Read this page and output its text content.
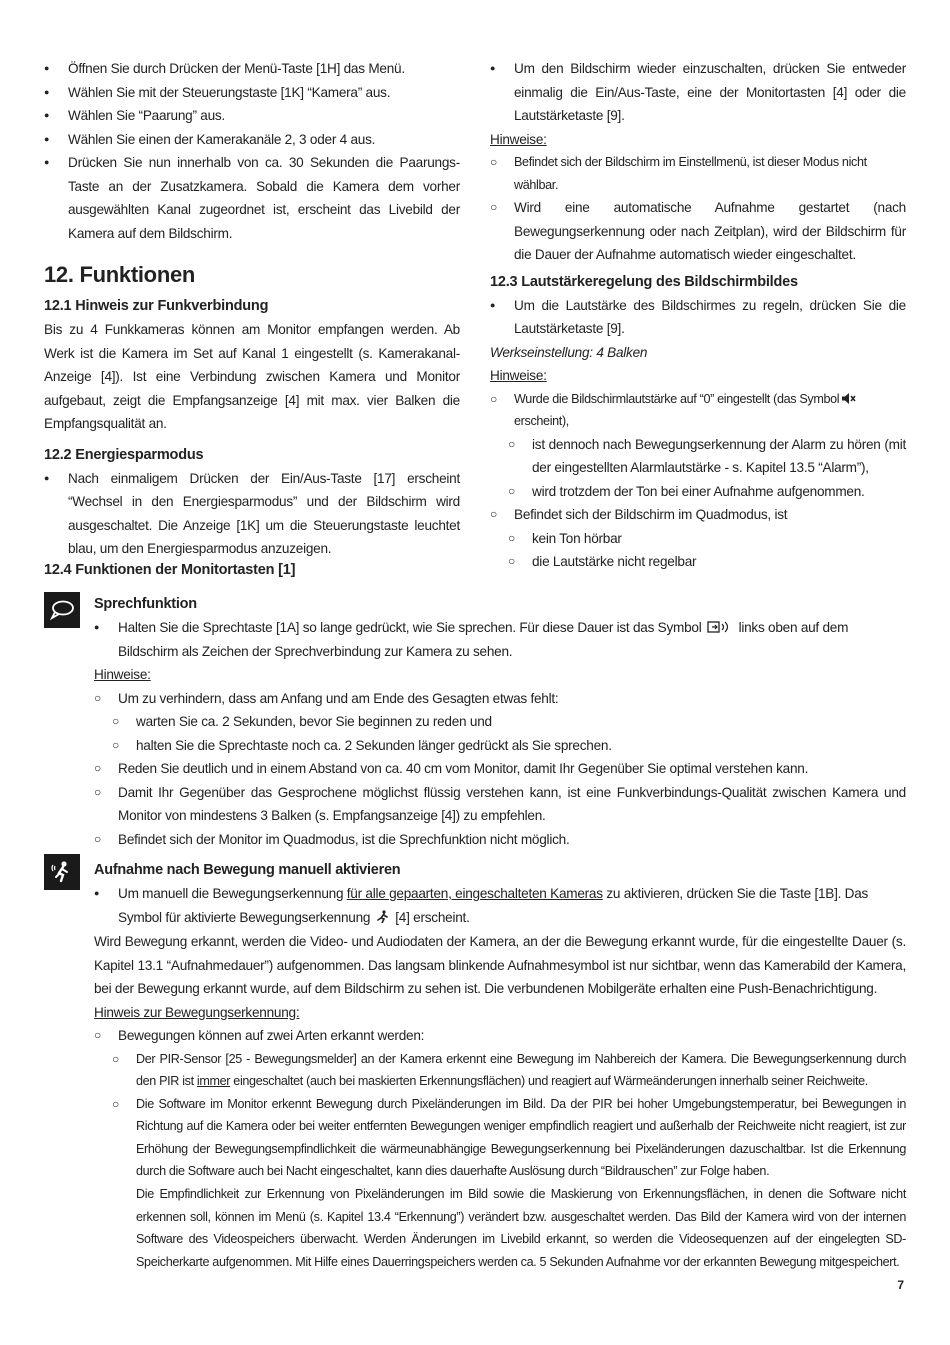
● Öffnen Sie durch Drücken der Menü-Taste [1H] das Menü.
● Wählen Sie mit der Steuerungstaste [1K] “Kamera” aus.
● Wählen Sie “Paarung” aus.
● Wählen Sie einen der Kamerakanäle 2, 3 oder 4 aus.
● Drücken Sie nun innerhalb von ca. 30 Sekunden die Paarungs-Taste an der Zusatzkamera. Sobald die Kamera dem vorher ausgewählten Kanal zugeordnet ist, erscheint das Livebild der Kamera auf dem Bildschirm.
12. Funktionen
12.1 Hinweis zur Funkverbindung

Bis zu 4 Funkkameras können am Monitor empfangen werden. Ab Werk ist die Kamera im Set auf Kanal 1 eingestellt (s. Kamerakanal-Anzeige [4]). Ist eine Verbindung zwischen Kamera und Monitor aufgebaut, zeigt die Empfangsanzeige [4] mit max. vier Balken die Empfangsqualität an.

12.2 Energiesparmodus
● Nach einmaligem Drücken der Ein/Aus-Taste [17] erscheint “Wechsel in den Energiesparmodus” und der Bildschirm wird ausgeschaltet. Die Anzeige [1K] um die Steuerungstaste leuchtet blau, um den Energiesparmodus anzuzeigen.
● Um den Bildschirm wieder einzuschalten, drücken Sie entweder einmalig die Ein/Aus-Taste, eine der Monitortasten [4] oder die Lautstärketaste [9].

Hinweise:

○ Befindet sich der Bildschirm im Einstellmenü, ist dieser Modus nicht wählbar.
○ Wird eine automatische Aufnahme gestartet (nach Bewegungserkennung oder nach Zeitplan), wird der Bildschirm für die Dauer der Aufnahme automatisch wieder eingeschaltet.
12.3 Lautstärkeregelung des Bildschirmbildes
● Um die Lautstärke des Bildschirmes zu regeln, drücken Sie die Lautstärketaste [9].

Werkseinstellung: 4 Balken

Hinweise:

○ Wurde die Bildschirmlautstärke auf “0” eingestellt (das Symbol  erscheint),
○ ist dennoch nach Bewegungserkennung der Alarm zu hören (mit der eingestellten Alarmlautstärke - s. Kapitel 13.5 “Alarm”),
○ wird trotzdem der Ton bei einer Aufnahme aufgenommen.
○ Befindet sich der Bildschirm im Quadmodus, ist
○ kein Ton hörbar
○ die Lautstärke nicht regelbar
12.4 Funktionen der Monitortasten [1]
Sprechfunktion
● Halten Sie die Sprechtaste [1A] so lange gedrückt, wie Sie sprechen. Für diese Dauer ist das Symbol	links oben auf dem Bildschirm als Zeichen der Sprechverbindung zur Kamera zu sehen.

Hinweise:

○ Um zu verhindern, dass am Anfang und am Ende des Gesagten etwas fehlt:
○ warten Sie ca. 2 Sekunden, bevor Sie beginnen zu reden und
○ halten Sie die Sprechtaste noch ca. 2 Sekunden länger gedrückt als Sie sprechen.
○ Reden Sie deutlich und in einem Abstand von ca. 40 cm vom Monitor, damit Ihr Gegenüber Sie optimal verstehen kann.
○ Damit Ihr Gegenüber das Gesprochene möglichst flüssig verstehen kann, ist eine Funkverbindungs-Qualität zwischen Kamera und Monitor von mindestens 3 Balken (s. Empfangsanzeige [4]) zu empfehlen.
○ Befindet sich der Monitor im Quadmodus, ist die Sprechfunktion nicht möglich.
Aufnahme nach Bewegung manuell aktivieren
● Um manuell die Bewegungserkennung für alle gepaarten, eingeschalteten Kameras zu aktivieren, drücken Sie die Taste [1B]. Das Symbol für aktivierte Bewegungserkennung [4] erscheint.

Wird Bewegung erkannt, werden die Video- und Audiodaten der Kamera, an der die Bewegung erkannt wurde, für die eingestellte Dauer (s. Kapitel 13.1 “Aufnahmedauer”) aufgenommen. Das langsam blinkende Aufnahmesymbol ist nur sichtbar, wenn das Kamerabild der Kamera, bei der Bewegung erkannt wurde, auf dem Bildschirm zu sehen ist. Die verbundenen Mobilgeräte erhalten eine Push-Benachrichtigung.

Hinweis zur Bewegungserkennung:

○ Bewegungen können auf zwei Arten erkannt werden:
○ Der PIR-Sensor [25 - Bewegungsmelder] an der Kamera erkennt eine Bewegung im Nahbereich der Kamera. Die Bewegungserkennung durch den PIR ist immer eingeschaltet (auch bei maskierten Erkennungsflächen) und reagiert auf Wärmeänderungen innerhalb seiner Reichweite.

○ Die Software im Monitor erkennt Bewegung durch Pixeländerungen im Bild. Da der PIR bei hoher Umgebungstemperatur, bei Bewegungen in Richtung auf die Kamera oder bei weiter entfernten Bewegungen weniger empfindlich reagiert und außerhalb der Reichweite nicht reagiert, ist zur Erhöhung der Bewegungsempfindlichkeit die wärmeunabhängige Bewegungserkennung bei Pixeländerungen dazuschaltbar. Ist die Erkennung durch die Software auch bei Nacht eingeschaltet, kann dies dauerhafte Auslösung durch “Bildrauschen” zur Folge haben.

Die Empfindlichkeit zur Erkennung von Pixeländerungen im Bild sowie die Maskierung von Erkennungsflächen, in denen die Software nicht erkennen soll, können im Menü (s. Kapitel 13.4 “Erkennung”) verändert bzw. ausgeschaltet werden. Das Bild der Kamera wird von der internen Software des Videospeichers überwacht. Werden Änderungen im Livebild erkannt, so werden die Videosequenzen auf der eingelegten SD-Speicherkarte aufgenommen. Mit Hilfe eines Dauerringspeichers werden ca. 5 Sekunden Aufnahme vor der erkannten Bewegung mitgespeichert.

7
